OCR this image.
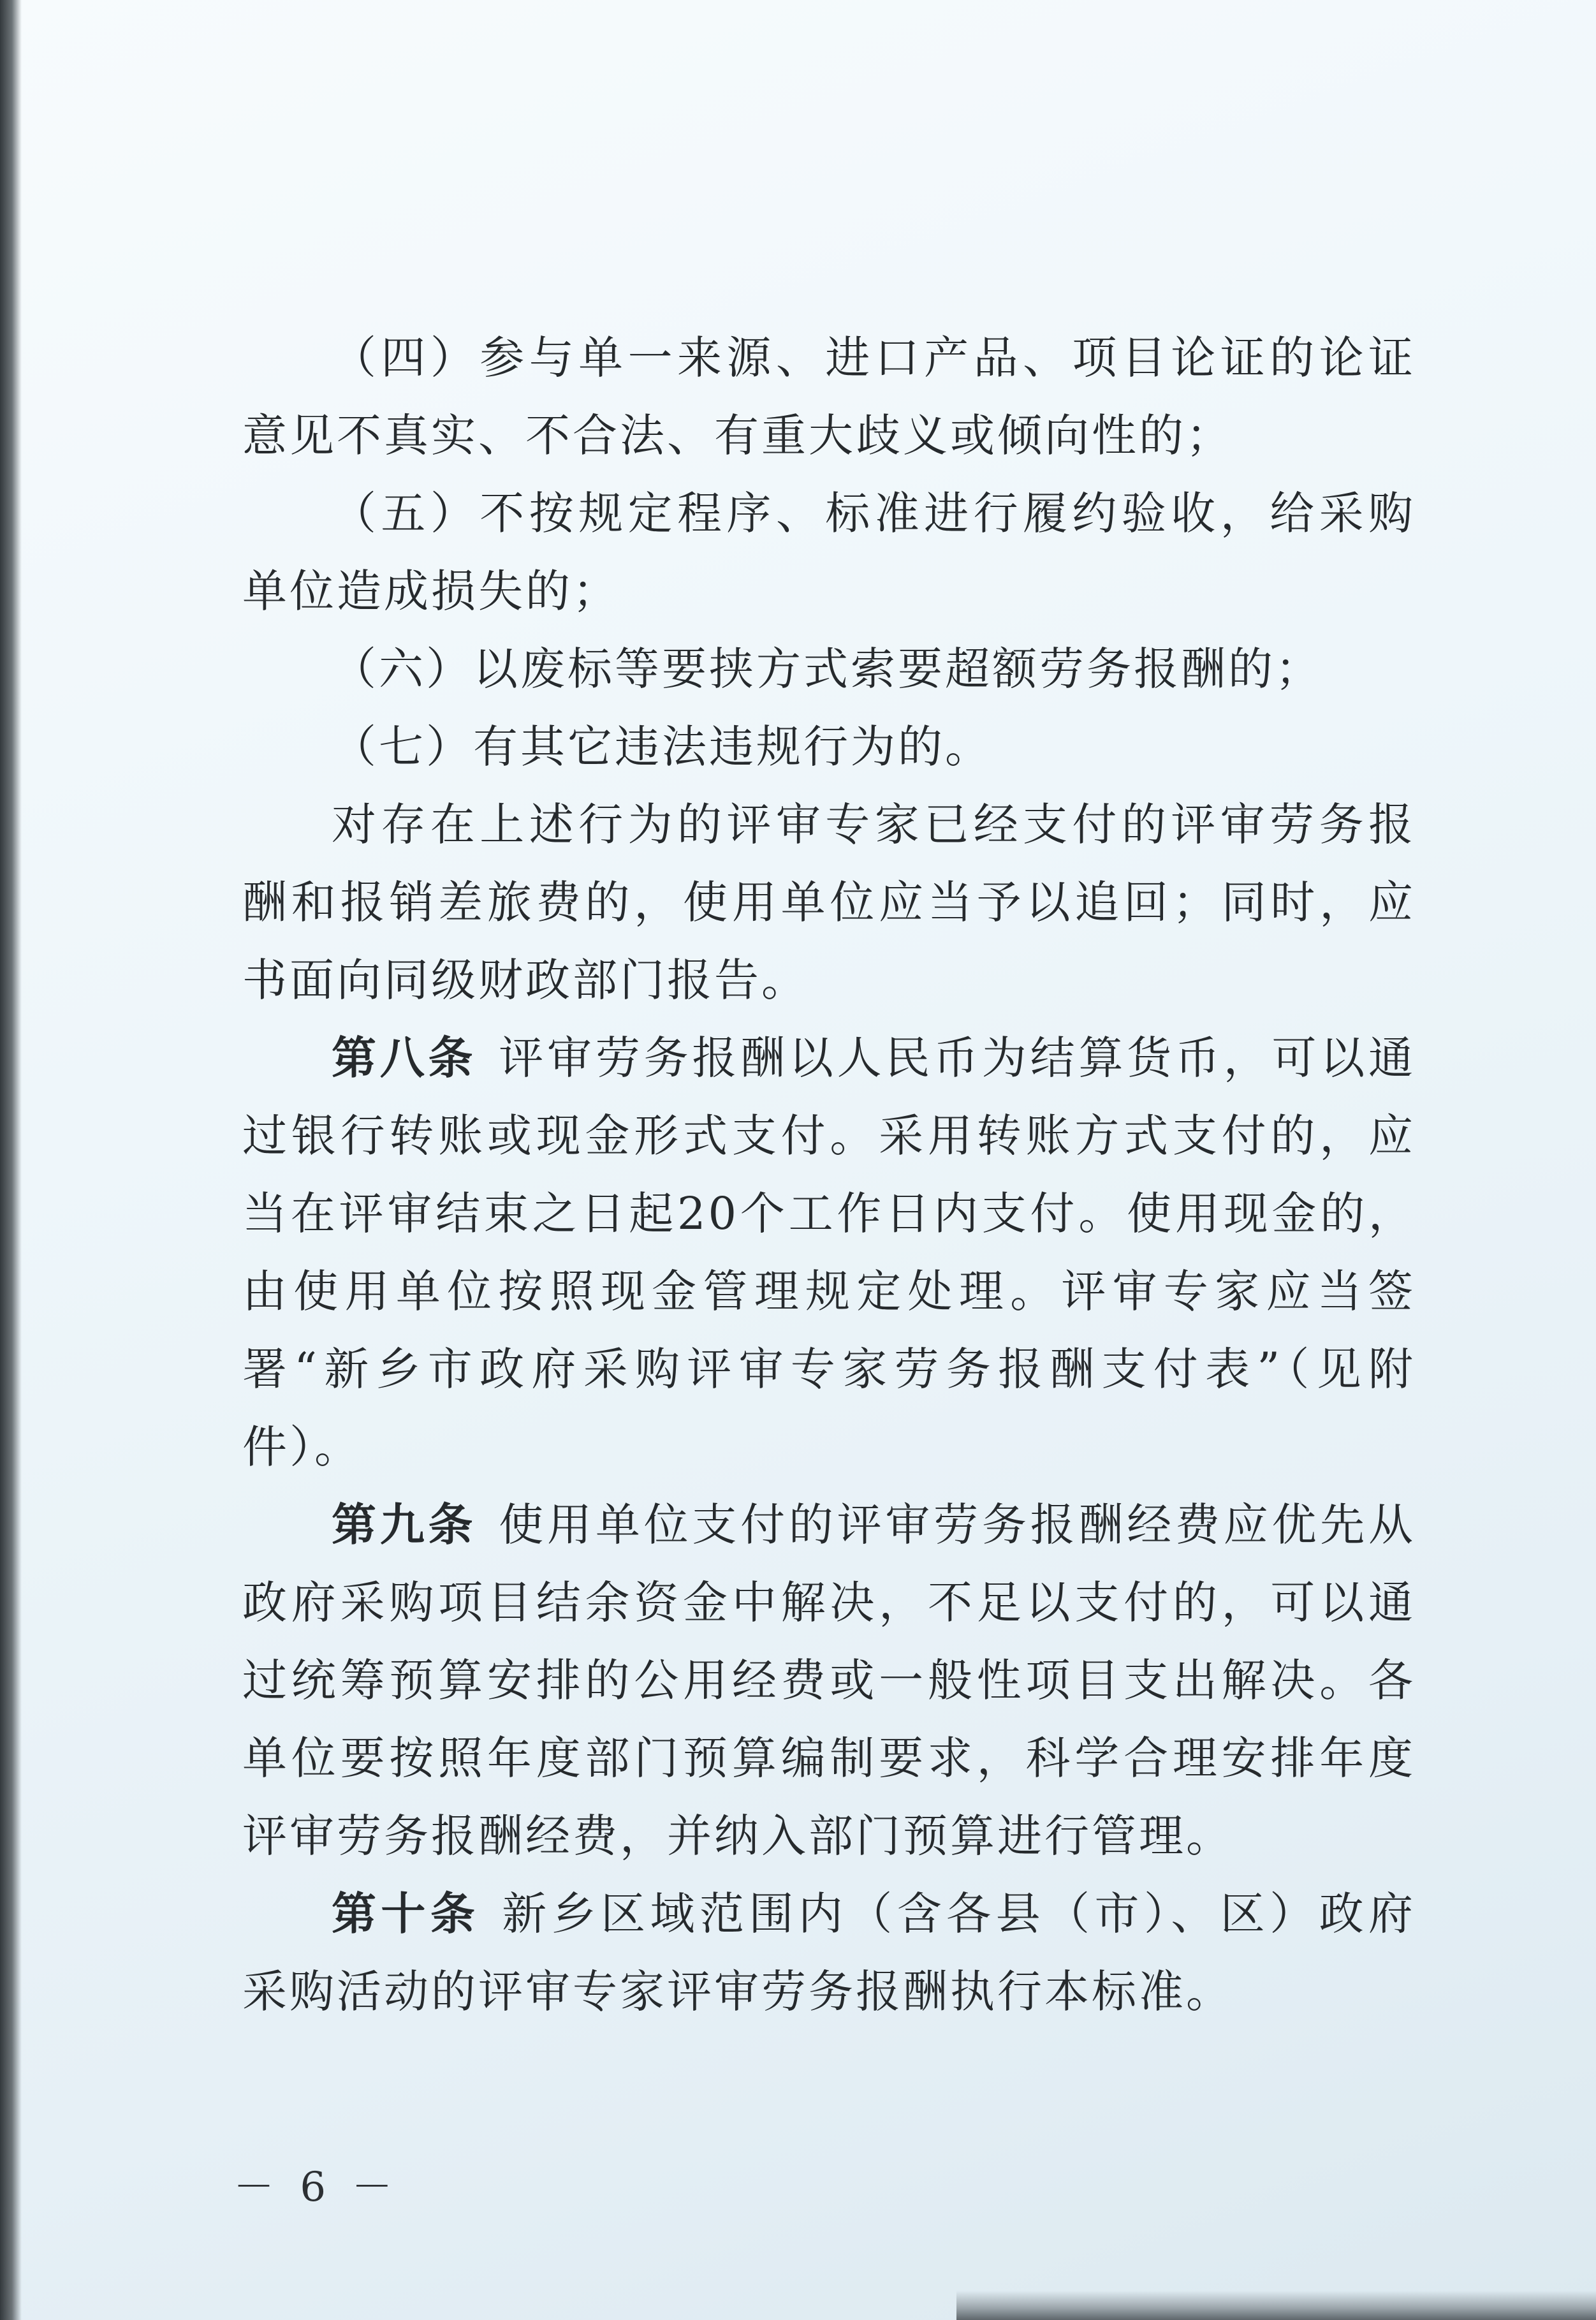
（四）参与单一来源、进口产品、项目论证的论证意见不真实、不合法、有重大歧义或倾向性的；

（五）不按规定程序、标准进行履约验收，给采购单位造成损失的；

（六）以废标等要挟方式索要超额劳务报酬的；

（七）有其它违法违规行为的。

对存在上述行为的评审专家已经支付的评审劳务报酬和报销差旅费的，使用单位应当予以追回；同时，应书面向同级财政部门报告。

第八条 评审劳务报酬以人民币为结算货币，可以通过银行转账或现金形式支付。采用转账方式支付的，应当在评审结束之日起20个工作日内支付。使用现金的，由使用单位按照现金管理规定处理。评审专家应当签署“新乡市政府采购评审专家劳务报酬支付表”（见附件）。

第九条 使用单位支付的评审劳务报酬经费应优先从政府采购项目结余资金中解决，不足以支付的，可以通过统筹预算安排的公用经费或一般性项目支出解决。各单位要按照年度部门预算编制要求，科学合理安排年度评审劳务报酬经费，并纳入部门预算进行管理。

第十条 新乡区域范围内（含各县（市）、区）政府采购活动的评审专家评审劳务报酬执行本标准。

－ 6 －
